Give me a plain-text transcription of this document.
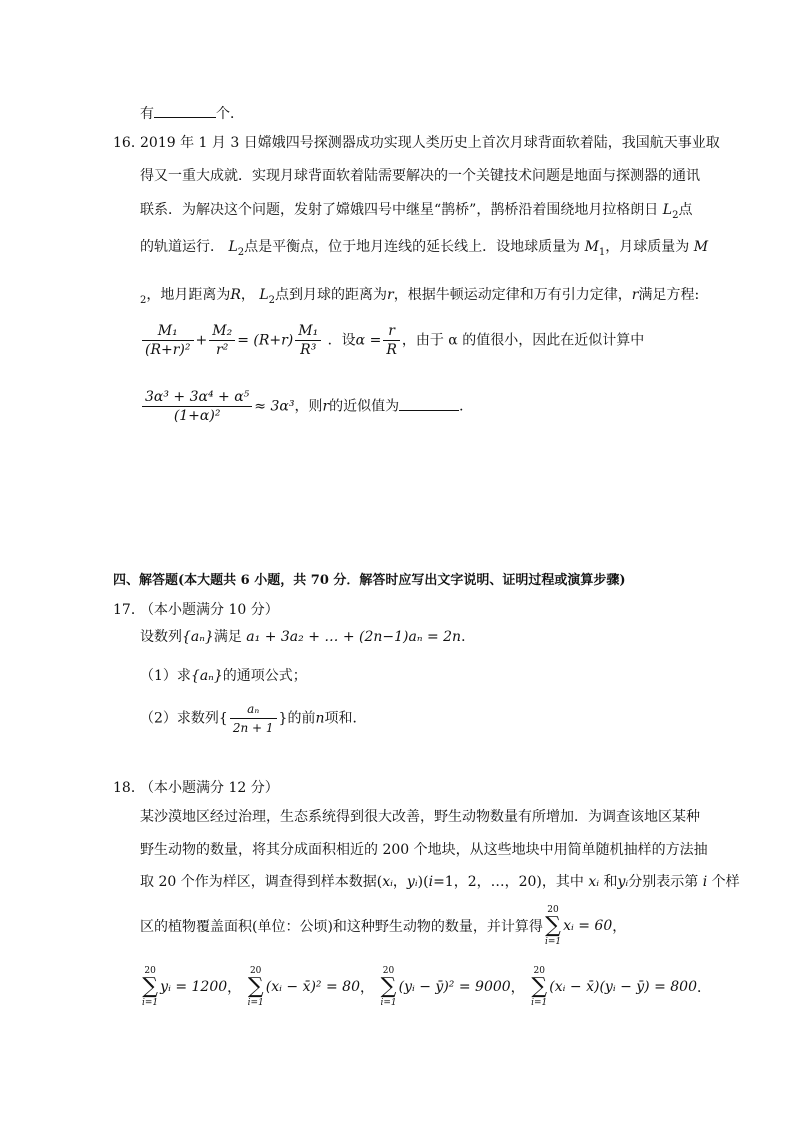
有	个．
16．
2019 年 1 月 3 日嫦娥四号探测器成功实现人类历史上首次月球背面软着陆，我国航天事业取
得又一重大成就．实现月球背面软着陆需要解决的一个关键技术问题是地面与探测器的通讯
联系．为解决这个问题，发射了嫦娥四号中继星“鹊桥”，鹊桥沿着围绕地月拉格朗日 $L_2$点
的轨道运行． $L_2$点是平衡点，位于地月连线的延长线上．设地球质量为 $M_1$，月球质量为 M
$_2$，地月距离为R， $L_2$点到月球的距离为r，根据牛顿运动定律和万有引力定律，r满足方程:
$\frac{\text{M₁}}{\text{(R+r)²}} + \frac{\text{M₂}}{\text{r²}} = (R+r) \frac{\text{M₁}}{\text{R³}}$ ．设$\alpha = \frac{r}{R}$ ，由于 α 的值很小，因此在近似计算中
$\frac{\text{3α³ + 3α⁴ + α⁵}}{\text{(1+α)²}} \approx 3\alpha^3$，则r的近似值为	．
四、解答题(本大题共 6 小题，共 70 分．解答时应写出文字说明、证明过程或演算步骤)
17．
（本小题满分 10 分）
设数列{aₙ}满足 a₁ + 3a₂ + … + (2n−1)aₙ = 2n．
（1）求{aₙ}的通项公式；
（2）求数列{ $\frac{\text{aₙ}}{2n + 1}$ }的前n项和．
18．
（本小题满分 12 分）
某沙漠地区经过治理，生态系统得到很大改善，野生动物数量有所增加．为调查该地区某种
野生动物的数量，将其分成面积相近的 200 个地块，从这些地块中用简单随机抽样的方法抽
取 20 个作为样区，调查得到样本数据(xᵢ，yᵢ)(i=1，2，…，20)，其中 xᵢ 和yᵢ分别表示第 i 个样
区的植物覆盖面积(单位：公顷)和这种野生动物的数量，并计算得20
∑
i=1xᵢ = 60，
20
∑
i=1yᵢ = 1200， 20
∑
i=1(xᵢ − x̄)² = 80， 20
∑
i=1(yᵢ − ȳ)² = 9000， 20
∑
i=1(xᵢ − x̄)(yᵢ − ȳ) = 800．
